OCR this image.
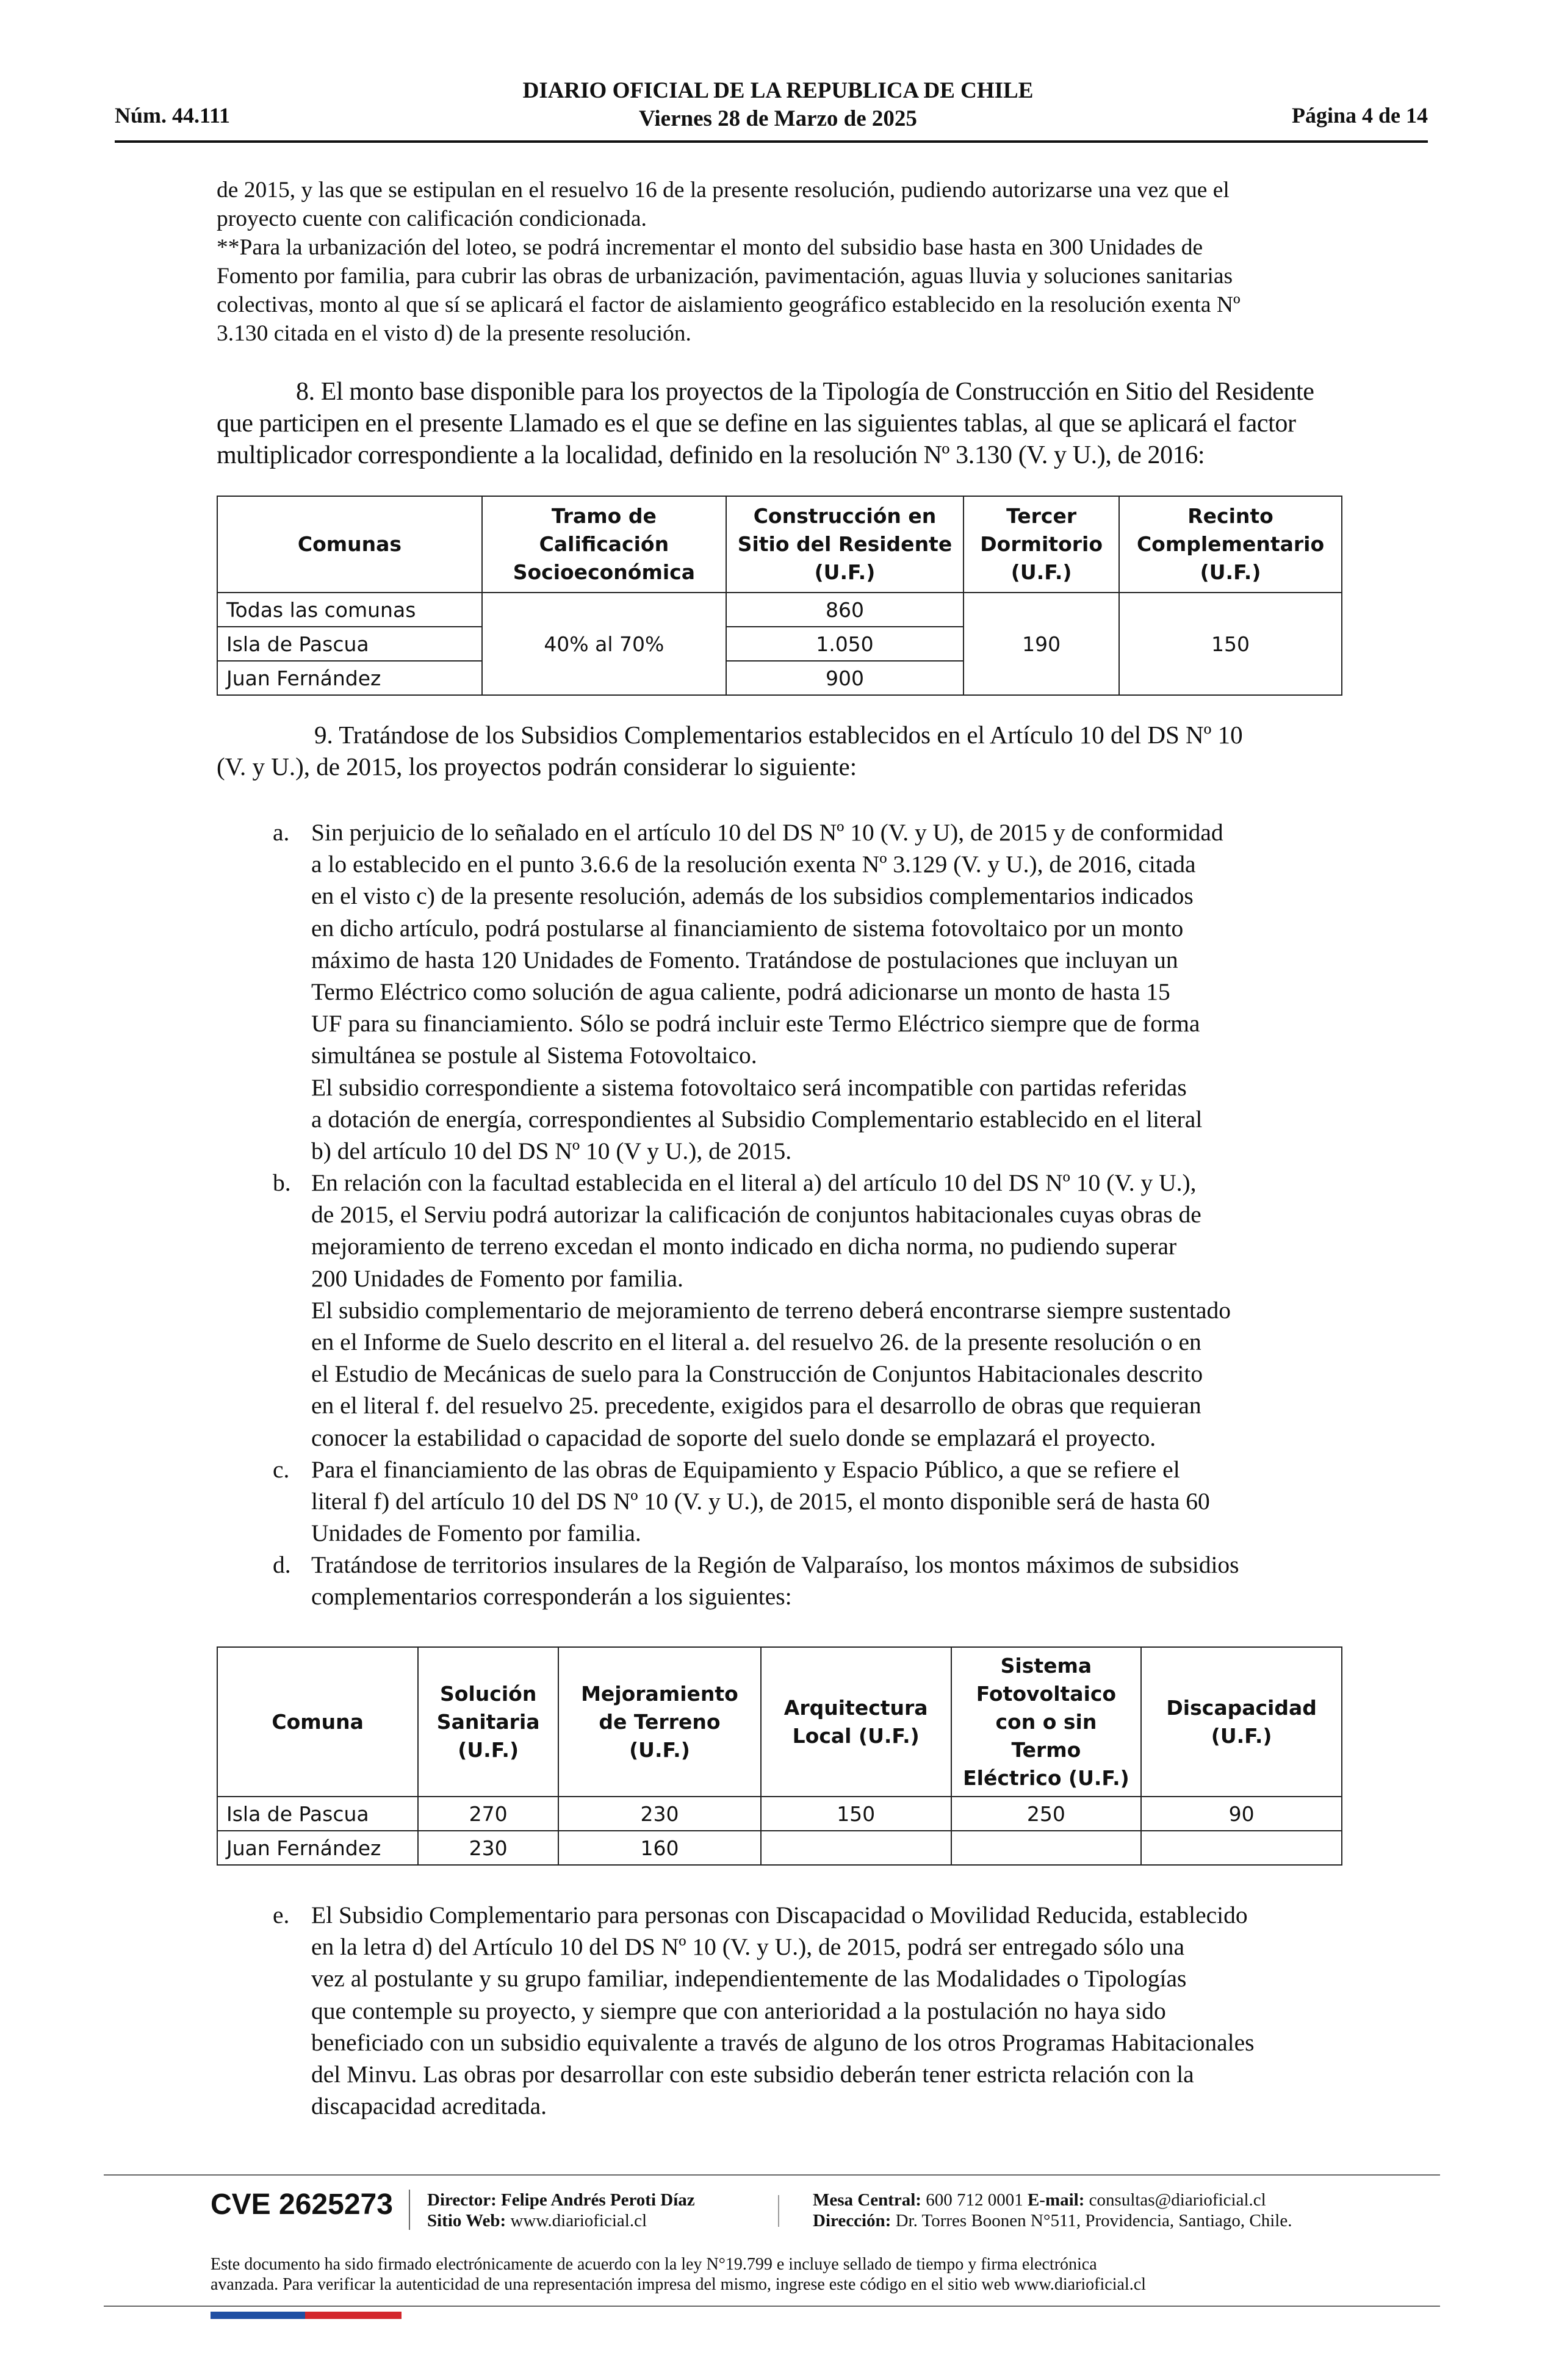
Núm. 44.111
DIARIO OFICIAL DE LA REPUBLICA DE CHILE
Viernes 28 de Marzo de 2025	Página 4 de 14
de 2015, y las que se estipulan en el resuelvo 16 de la presente resolución, pudiendo autorizarse una vez que el
proyecto cuente con calificación condicionada.
**Para la urbanización del loteo, se podrá incrementar el monto del subsidio base hasta en 300 Unidades de
Fomento por familia, para cubrir las obras de urbanización, pavimentación, aguas lluvia y soluciones sanitarias
colectivas, monto al que sí se aplicará el factor de aislamiento geográfico establecido en la resolución exenta Nº
3.130 citada en el visto d) de la presente resolución.
8. El monto base disponible para los proyectos de la Tipología de Construcción en Sitio del Residente
que participen en el presente Llamado es el que se define en las siguientes tablas, al que se aplicará el factor
multiplicador correspondiente a la localidad, definido en la resolución Nº 3.130 (V. y U.), de 2016:
Comunas	Tramo de Calificación Socioeconómica	Construcción en Sitio del Residente (U.F.)	Tercer Dormitorio (U.F.)	Recinto Complementario (U.F.)
Todas las comunas	40% al 70%	860	190	150
Isla de Pascua		1.050		
Juan Fernández		900		
9. Tratándose de los Subsidios Complementarios establecidos en el Artículo 10 del DS Nº 10
(V. y U.), de 2015, los proyectos podrán considerar lo siguiente:
a. Sin perjuicio de lo señalado en el artículo 10 del DS Nº 10 (V. y U), de 2015 y de conformidad
a lo establecido en el punto 3.6.6 de la resolución exenta Nº 3.129 (V. y U.), de 2016, citada
en el visto c) de la presente resolución, además de los subsidios complementarios indicados
en dicho artículo, podrá postularse al financiamiento de sistema fotovoltaico por un monto
máximo de hasta 120 Unidades de Fomento. Tratándose de postulaciones que incluyan un
Termo Eléctrico como solución de agua caliente, podrá adicionarse un monto de hasta 15
UF para su financiamiento. Sólo se podrá incluir este Termo Eléctrico siempre que de forma
simultánea se postule al Sistema Fotovoltaico.
El subsidio correspondiente a sistema fotovoltaico será incompatible con partidas referidas
a dotación de energía, correspondientes al Subsidio Complementario establecido en el literal
b) del artículo 10 del DS Nº 10 (V y U.), de 2015.
b. En relación con la facultad establecida en el literal a) del artículo 10 del DS Nº 10 (V. y U.),
de 2015, el Serviu podrá autorizar la calificación de conjuntos habitacionales cuyas obras de
mejoramiento de terreno excedan el monto indicado en dicha norma, no pudiendo superar
200 Unidades de Fomento por familia.
El subsidio complementario de mejoramiento de terreno deberá encontrarse siempre sustentado
en el Informe de Suelo descrito en el literal a. del resuelvo 26. de la presente resolución o en
el Estudio de Mecánicas de suelo para la Construcción de Conjuntos Habitacionales descrito
en el literal f. del resuelvo 25. precedente, exigidos para el desarrollo de obras que requieran
conocer la estabilidad o capacidad de soporte del suelo donde se emplazará el proyecto.
c. Para el financiamiento de las obras de Equipamiento y Espacio Público, a que se refiere el
literal f) del artículo 10 del DS Nº 10 (V. y U.), de 2015, el monto disponible será de hasta 60
Unidades de Fomento por familia.
d. Tratándose de territorios insulares de la Región de Valparaíso, los montos máximos de subsidios
complementarios corresponderán a los siguientes:
Comuna	Solución Sanitaria (U.F.)	Mejoramiento de Terreno (U.F.)	Arquitectura Local (U.F.)	Sistema Fotovoltaico con o sin Termo Eléctrico (U.F.)	Discapacidad (U.F.)
Isla de Pascua	270	230	150	250	90
Juan Fernández	230	160			
e. El Subsidio Complementario para personas con Discapacidad o Movilidad Reducida, establecido
en la letra d) del Artículo 10 del DS Nº 10 (V. y U.), de 2015, podrá ser entregado sólo una
vez al postulante y su grupo familiar, independientemente de las Modalidades o Tipologías
que contemple su proyecto, y siempre que con anterioridad a la postulación no haya sido
beneficiado con un subsidio equivalente a través de alguno de los otros Programas Habitacionales
del Minvu. Las obras por desarrollar con este subsidio deberán tener estricta relación con la
discapacidad acreditada.
CVE 2625273 Director: Felipe Andrés Peroti Díaz
Sitio Web: www.diarioficial.cl
Mesa Central: 600 712 0001 E-mail: consultas@diarioficial.cl
Dirección: Dr. Torres Boonen N°511, Providencia, Santiago, Chile.
Este documento ha sido firmado electrónicamente de acuerdo con la ley N°19.799 e incluye sellado de tiempo y firma electrónica
avanzada. Para verificar la autenticidad de una representación impresa del mismo, ingrese este código en el sitio web www.diarioficial.cl
